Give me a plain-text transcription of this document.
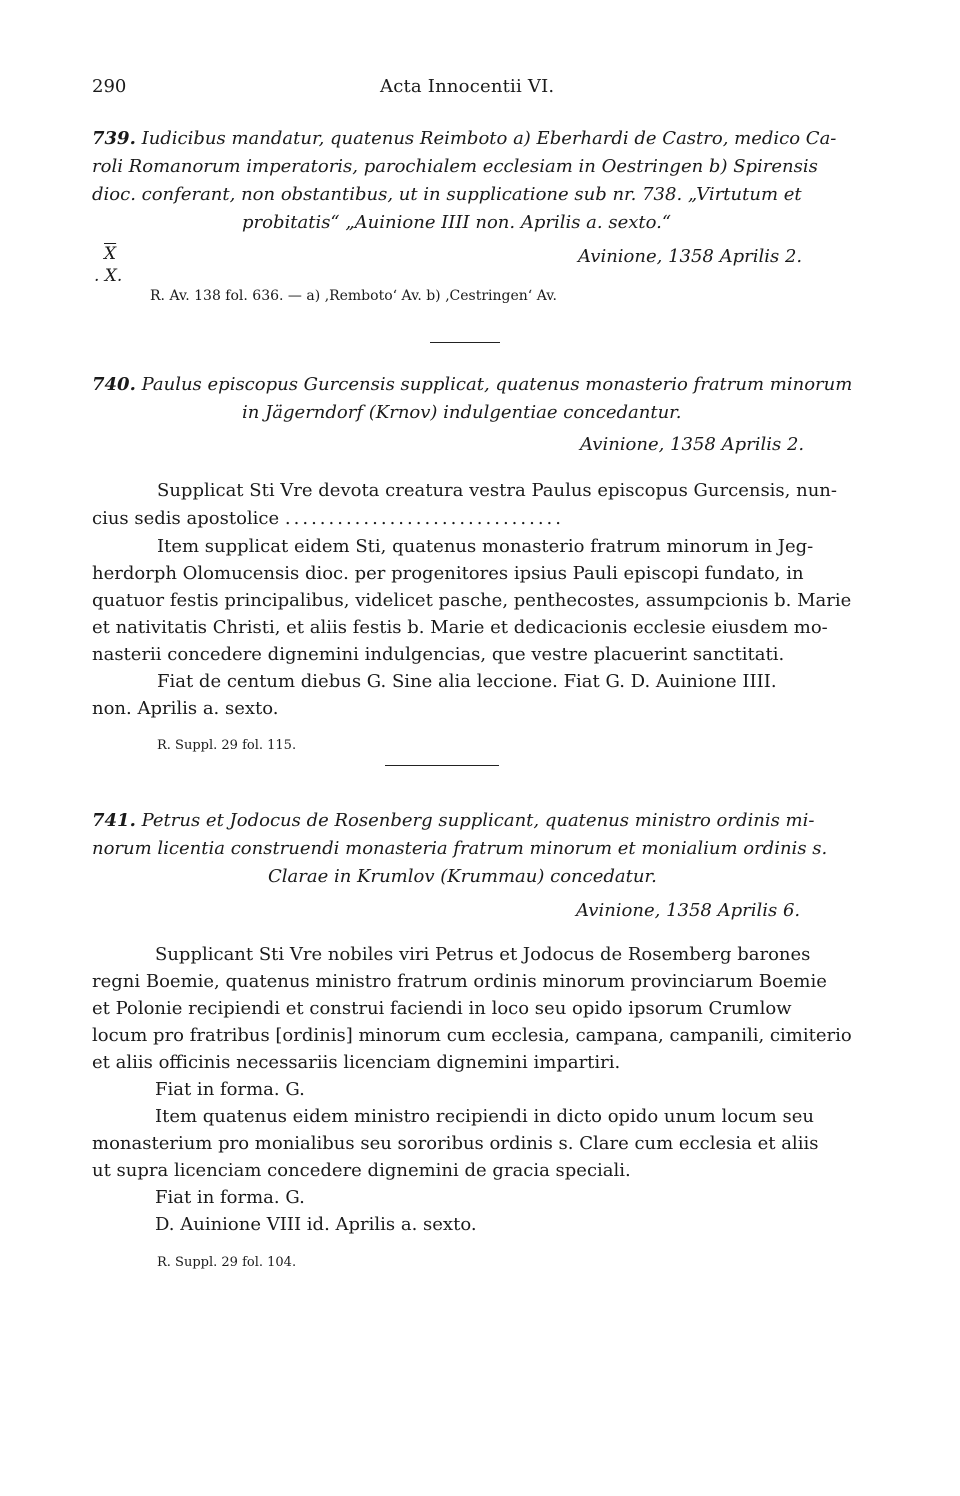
290	Acta Innocentii VI.
739. Iudicibus mandatur, quatenus Reimboto a) Eberhardi de Castro, medico Ca-
roli Romanorum imperatoris, parochialem ecclesiam in Oestringen b) Spirensis
dioc. conferant, non obstantibus, ut in supplicatione sub nr. 738. „Virtutum et
probitatis“ „Auinione IIII non. Aprilis a. sexto.“
$\overline{X}$
. X.
Avinione, 1358 Aprilis 2.
R. Av. 138 fol. 636. — a) ‚Remboto‘ Av. b) ‚Cestringen‘ Av.
740. Paulus episcopus Gurcensis supplicat, quatenus monasterio fratrum minorum
in Jägerndorf (Krnov) indulgentiae concedantur.
Avinione, 1358 Aprilis 2.
Supplicat Sti Vre devota creatura vestra Paulus episcopus Gurcensis, nun-
cius sedis apostolice ................................
Item supplicat eidem Sti, quatenus monasterio fratrum minorum in Jeg-
herdorph Olomucensis dioc. per progenitores ipsius Pauli episcopi fundato, in
quatuor festis principalibus, videlicet pasche, penthecostes, assumpcionis b. Marie
et nativitatis Christi, et aliis festis b. Marie et dedicacionis ecclesie eiusdem mo-
nasterii concedere dignemini indulgencias, que vestre placuerint sanctitati.
Fiat de centum diebus G. Sine alia leccione. Fiat G. D. Auinione IIII.
non. Aprilis a. sexto.
R. Suppl. 29 fol. 115.
741. Petrus et Jodocus de Rosenberg supplicant, quatenus ministro ordinis mi-
norum licentia construendi monasteria fratrum minorum et monialium ordinis s.
Clarae in Krumlov (Krummau) concedatur.
Avinione, 1358 Aprilis 6.
Supplicant Sti Vre nobiles viri Petrus et Jodocus de Rosemberg barones
regni Boemie, quatenus ministro fratrum ordinis minorum provinciarum Boemie
et Polonie recipiendi et construi faciendi in loco seu opido ipsorum Crumlow
locum pro fratribus [ordinis] minorum cum ecclesia, campana, campanili, cimiterio
et aliis officinis necessariis licenciam dignemini impartiri.
Fiat in forma. G.
Item quatenus eidem ministro recipiendi in dicto opido unum locum seu
monasterium pro monialibus seu sororibus ordinis s. Clare cum ecclesia et aliis
ut supra licenciam concedere dignemini de gracia speciali.
Fiat in forma. G.
D. Auinione VIII id. Aprilis a. sexto.
R. Suppl. 29 fol. 104.
